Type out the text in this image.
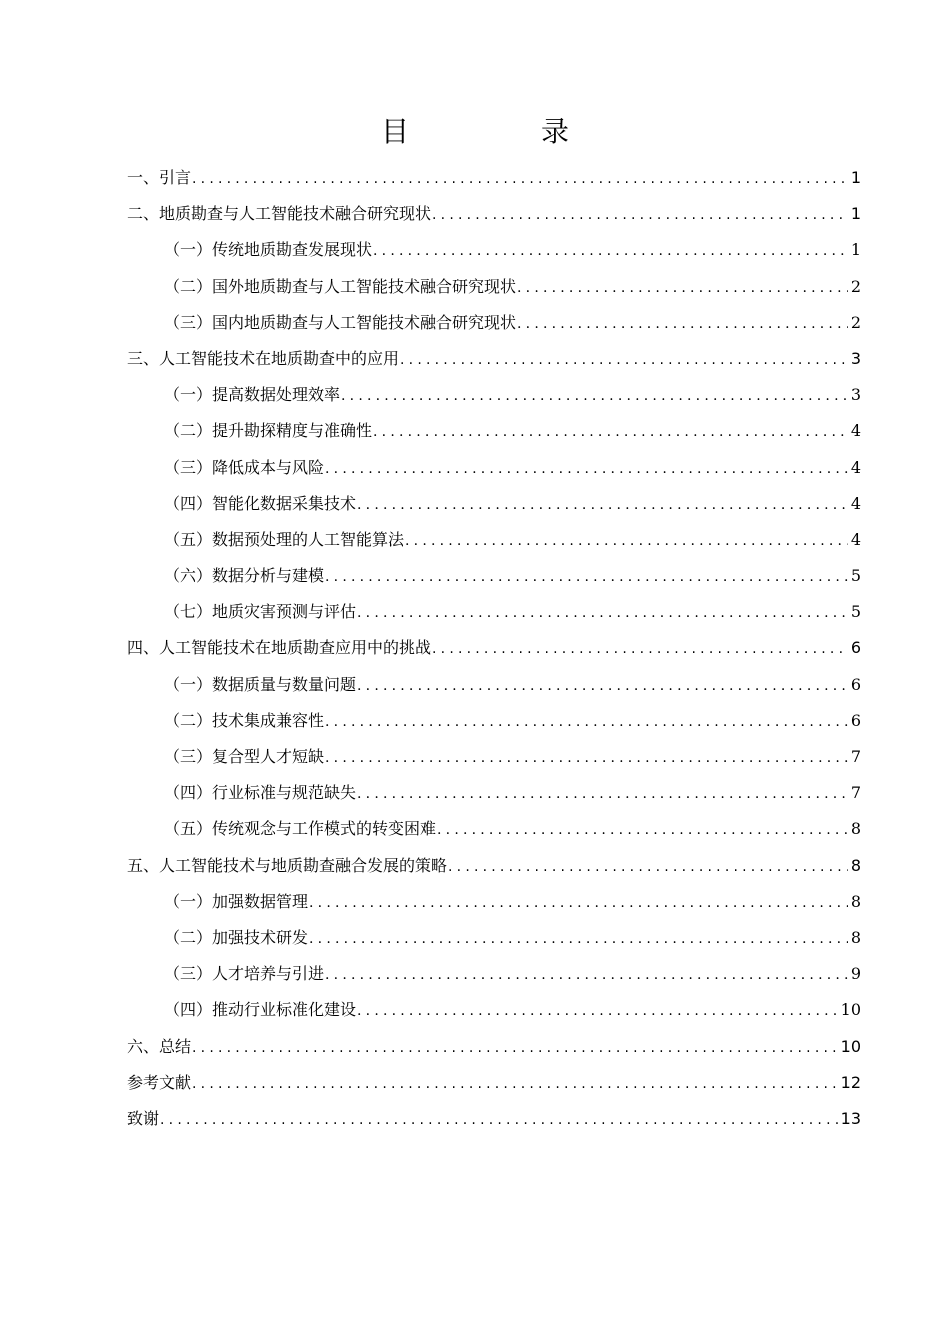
目　录
一、引言 .....	1
二、地质勘查与人工智能技术融合研究现状 .....	1
（一）传统地质勘查发展现状 .....	1
（二）国外地质勘查与人工智能技术融合研究现状 .....	2
（三）国内地质勘查与人工智能技术融合研究现状 .....	2
三、人工智能技术在地质勘查中的应用 .....	3
（一）提高数据处理效率 .....	3
（二）提升勘探精度与准确性 .....	4
（三）降低成本与风险 .....	4
（四）智能化数据采集技术 .....	4
（五）数据预处理的人工智能算法 .....	4
（六）数据分析与建模 .....	5
（七）地质灾害预测与评估 .....	5
四、人工智能技术在地质勘查应用中的挑战 .....	6
（一）数据质量与数量问题 .....	6
（二）技术集成兼容性 .....	6
（三）复合型人才短缺 .....	7
（四）行业标准与规范缺失 .....	7
（五）传统观念与工作模式的转变困难 .....	8
五、人工智能技术与地质勘查融合发展的策略 .....	8
（一）加强数据管理 .....	8
（二）加强技术研发 .....	8
（三）人才培养与引进 .....	9
（四）推动行业标准化建设 .....	10
六、总结 .....	10
参考文献 .....	12
致谢 .....	13
